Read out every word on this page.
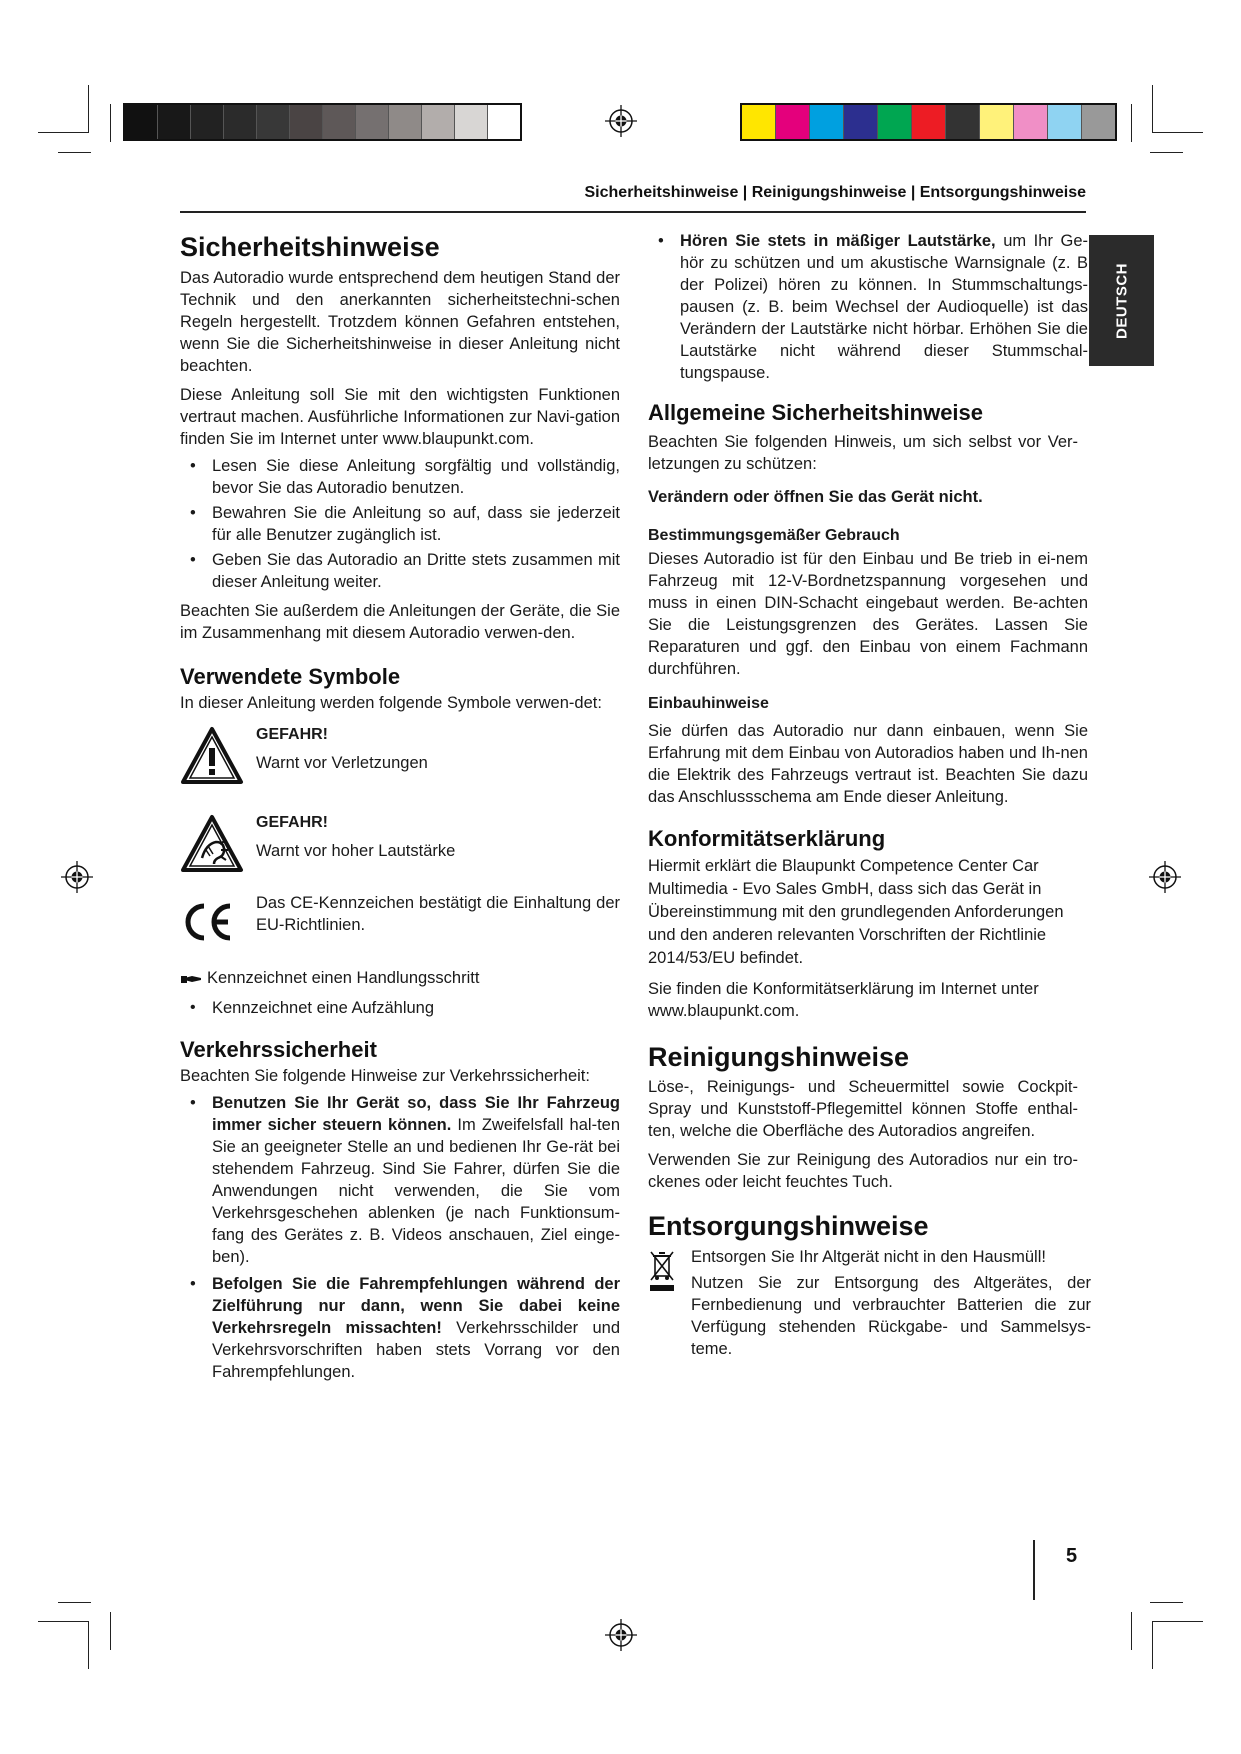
Sicherheitshinweise | Reinigungshinweise | Entsorgungshinweise
DEUTSCH
Sicherheitshinweise

Das Autoradio wurde entsprechend dem heutigen Stand der Technik und den anerkannten sicherheitstechni-schen Regeln hergestellt. Trotzdem können Gefahren entstehen, wenn Sie die Sicherheitshinweise in dieser Anleitung nicht beachten.

Diese Anleitung soll Sie mit den wichtigsten Funktionen vertraut machen. Ausführliche Informationen zur Navi-gation finden Sie im Internet unter www.blaupunkt.com.

• Lesen Sie diese Anleitung sorgfältig und vollständig, bevor Sie das Autoradio benutzen.
• Bewahren Sie die Anleitung so auf, dass sie jederzeit für alle Benutzer zugänglich ist.
• Geben Sie das Autoradio an Dritte stets zusammen mit dieser Anleitung weiter.

Beachten Sie außerdem die Anleitungen der Geräte, die Sie im Zusammenhang mit diesem Autoradio verwen-den.

Verwendete Symbole

In dieser Anleitung werden folgende Symbole verwen-det:

GEFAHR!

Warnt vor Verletzungen

GEFAHR!

Warnt vor hoher Lautstärke

Das CE-Kennzeichen bestätigt die Einhaltung der EU-Richtlinien.

Kennzeichnet einen Handlungsschritt

• Kennzeichnet eine Aufzählung

Verkehrssicherheit

Beachten Sie folgende Hinweise zur Verkehrssicherheit:

• Benutzen Sie Ihr Gerät so, dass Sie Ihr Fahrzeug immer sicher steuern können. Im Zweifelsfall hal-ten Sie an geeigneter Stelle an und bedienen Ihr Ge-rät bei stehendem Fahrzeug. Sind Sie Fahrer, dürfen Sie die Anwendungen nicht verwenden, die Sie vom Verkehrsgeschehen ablenken (je nach Funktionsum-fang des Gerätes z. B. Videos anschauen, Ziel einge-ben).
• Befolgen Sie die Fahrempfehlungen während der Zielführung nur dann, wenn Sie dabei keine Verkehrsregeln missachten! Verkehrsschilder und Verkehrsvorschriften haben stets Vorrang vor den Fahrempfehlungen.
• Hören Sie stets in mäßiger Lautstärke, um Ihr Ge-hör zu schützen und um akustische Warnsignale (z. B der Polizei) hören zu können. In Stummschaltungs-pausen (z. B. beim Wechsel der Audioquelle) ist das Verändern der Lautstärke nicht hörbar. Erhöhen Sie die Lautstärke nicht während dieser Stummschal-tungspause.
Allgemeine Sicherheitshinweise

Beachten Sie folgenden Hinweis, um sich selbst vor Ver-letzungen zu schützen:

Verändern oder öffnen Sie das Gerät nicht.

Bestimmungsgemäßer Gebrauch

Dieses Autoradio ist für den Einbau und Be trieb in ei-nem Fahrzeug mit 12-V-Bordnetzspannung vorgesehen und muss in einen DIN-Schacht eingebaut werden. Be-achten Sie die Leistungsgrenzen des Gerätes. Lassen Sie Reparaturen und ggf. den Einbau von einem Fachmann durchführen.

Einbauhinweise

Sie dürfen das Autoradio nur dann einbauen, wenn Sie Erfahrung mit dem Einbau von Autoradios haben und Ih-nen die Elektrik des Fahrzeugs vertraut ist. Beachten Sie dazu das Anschlussschema am Ende dieser Anleitung.

Konformitätserklärung

Hiermit erklärt die Blaupunkt Competence Center Car Multimedia - Evo Sales GmbH, dass sich das Gerät in Übereinstimmung mit den grundlegenden Anforderungen und den anderen relevanten Vorschriften der Richtlinie 2014/53/EU befindet.

Sie finden die Konformitätserklärung im Internet unter www.blaupunkt.com.

Reinigungshinweise

Löse-, Reinigungs- und Scheuermittel sowie Cockpit-Spray und Kunststoff-Pflegemittel können Stoffe enthal-ten, welche die Oberfläche des Autoradios angreifen.

Verwenden Sie zur Reinigung des Autoradios nur ein tro-ckenes oder leicht feuchtes Tuch.

Entsorgungshinweise

Entsorgen Sie Ihr Altgerät nicht in den Hausmüll!

Nutzen Sie zur Entsorgung des Altgerätes, der Fernbedienung und verbrauchter Batterien die zur Verfügung stehenden Rückgabe- und Sammelsys-teme.

5
